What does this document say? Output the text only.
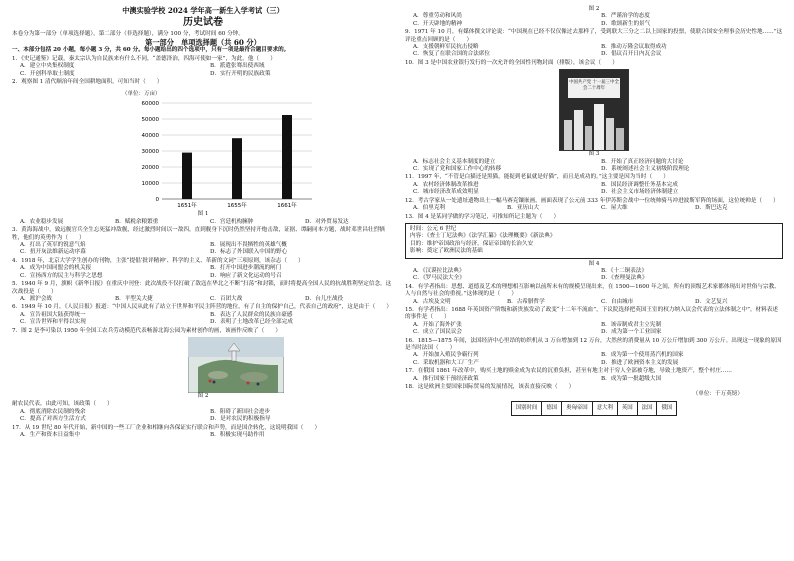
中澳实验学校 2024 学年高一新生入学考试（三）
历史试卷
本卷分为第一部分（单项选择题），第二部分（非选择题），满分 100 分，考试时间 60 分钟。
第一部分　单项选择题（共 60 分）
一、本部分包括 20 小题，每小题 3 分，共 60 分。每小题给出的四个选项中，只有一项是最符合题目要求的。
1．《史记通鉴》记载，秦太宗认为自民族来有什么不同，“盖德泽治，四海可使如一家”，为此，他（　　）
A．建立中央集权制度	B．派遣张骞出使西域
C．开创科举取士制度	D．实行开明的民族政策
2．观察图 1 清代顺治年间全国耕地面积，可知当时（　　）
（单位：万亩）
0
10000
20000
30000
40000
50000
60000
1651年	1655年	1661年
图 1
A．农业稳步发展	B．赋税余粮繁重	C．宫廷机构臃肿	D．对外贸易发达
3．黄海海战中，致远舰官兵全生忘死猛冲敌舰，经过激烈时间以一敌四，直到舰身下沉时仍然坚持开炮击敌，证据、谭嗣同本方题，战时邓世昌壮烈牺牲，他们的英勇作为（　　）
A．打出了英军的锐意气焰	B．展现出不畏牺牲的英雄气概
C．扭开灰法维新运动序幕	D．标志了外国联入中国的野心
4．1918 年，北京大学学生创办的刊物，主张“提倡‘批评精神’、科学的主义、革新的文词”三项原则，该杂志（　　）
A．成为中国同盟会的机关报	B．打开中国进步潮流的闸门
C．宣扬西方的民主与科学之思想	D．响应了新文化运动的号召
5．1940 年 9 月，旗帜《新华日报》在重庆中刊登：此次战役不仅打破了敌寇在华北之不断“扫荡”和封锁，而时将提高全国人民的抗战胜利坚定信念。这次战役是（　　）
A．淞沪会战	B．平型关大捷	C．百团大战	D．台儿庄战役
6．1949 年 10 月，《人民日报》报道：“中国人民从此有了站立于世界和平民主阵营的地位，有了自主的保护自己，代表自己的政府”，这是由于（　　）
A．宣告祖国大陆获得统一	B．表达了人民群众的民族自豪感
C．宣告世界和平得以实现	D．表明了土地改革已经全部完成
7．图 2 是李可染以 1950 年全国工农兵劳动模范代表畅游北海公园为素材创作的画，该画作反映了（　　）
图 2
耐农民代表，由此可知，该政策（　　）
A．彻底消除农民制的残余	B．阻碍了新国社会进步
C．提高了对西方生活方式	D．是对农民的积极指导
17．从 19 世纪 80 年代开始，新中国的一些工厂企业和相继向各保证实行联合和声势，而是国企转化，这说明我国（　　）
A．生产和资本日益集中	B．积极实现马助作用
图 2
A．尊重劳动和风尚	B．严谨治学的态度
C．开天辟地的精神	D．歌颂新生的景气
9．1971 年 10 月，有媒体撰文评论说：“中国现在已经不仅仅像过去那样了，受到联大三分之二以上国家的投票，使联合国安全理事会历史性地……”这评论重点回顾的是（　　）
A．支援朝鲜军民抗击侵略	B．推动万隆会议取得成功
C．恢复了在联合国的合法席位	D．倡议召开日内瓦会议
10．图 3 是中国农业银行发行的一次允许的全国性刊物封面（排版），该会议（　　）
中国共产党 十一届三中全会二十周年
图 3
A．标志社会主义基本制度的建立	B．开始了真正经济问题的大讨论
C．实现了党和国家工作中心的转移	D．系统阐述社会主义初级阶段理论
11．1997 年，“不管是白猫还是黑猫，能捉到老鼠就是好猫”，而且是成功的。”这主要是因为当时（　　）
A．农村经济体制改革推进	B．国民经济调整任务基本完成
C．城市经济改革成效明显	D．社会主义市场经济体制建立
12．考古学家从一处遗址遗物出土一幅马赛克镶嵌画，画面表现了公元前 333 年伊苏斯会战中一位统帅骑马冲进波斯军阵的场面，这位统帅是（　　）
A．伯里克利	B．亚历山大	C．屋大维	D．斯巴达克
13．图 4 是某同学做的学习笔记，可推知所记主题为（　　）
时间：公元 6 世纪
内容：《查士丁尼法典》《法学汇纂》《法理概要》《新法典》
目的：维护帝国政治与经济，保证帝国的长治久安
影响：奠定了欧洲民法的基础
图 4
A．《汉谟拉比法典》	B．《十二铜表法》
C．《罗马民法大全》	D．《查理曼法典》
14．有学者指出：思想、道德及艺术的理想相互影响以前所未有的规模呈现出来，在 1500—1600 年之间，所有的顶级艺术家都体现出对世俗与宗教、人与自然与社会的重视。”这体现的是（　　）
A．古埃及文明	B．古希腊哲学	C．自由城市	D．文艺复兴
15．有学者指出：1688 年英国资产阶级和新贵族发动了政变“十二年不流血”，下议院选择把英国王室的权力纳入议会代表的立法体制之中”。材料表述的事件是（　　）
A．开始了海外扩张	B．该帝制成君主立宪制
C．成立了国民议会	D．成为第一个工业国家
16．1815—1875 年间，法国经济中心里昂的纺织机从 3 万台增加到 12 万台，大然丝的消费量从 10 万公斤增加到 300 万公斤。出现这一现象的原因是当时法国（　　）
A．开始加入殖民争霸行列	B．成为第一个使用蒸汽机的国家
C．采取机器和大工厂生产	D．推进了欧洲资本主义的发展
17．在俄国 1861 年改革中，购买土地的赎金成为农民的沉重负担，甚至有地主对于穷人全部被夺地，导致土地资产，整个村庄……
A．推行国家干预经济政策	B．成为第一批超级大国
18．这是欧洲主要国家国际贸易的发展情况，该表直接反映（　　）
（单位：千万英镑）
国别时间	德国	奥匈帝国	意大利	英国	法国	俄国
